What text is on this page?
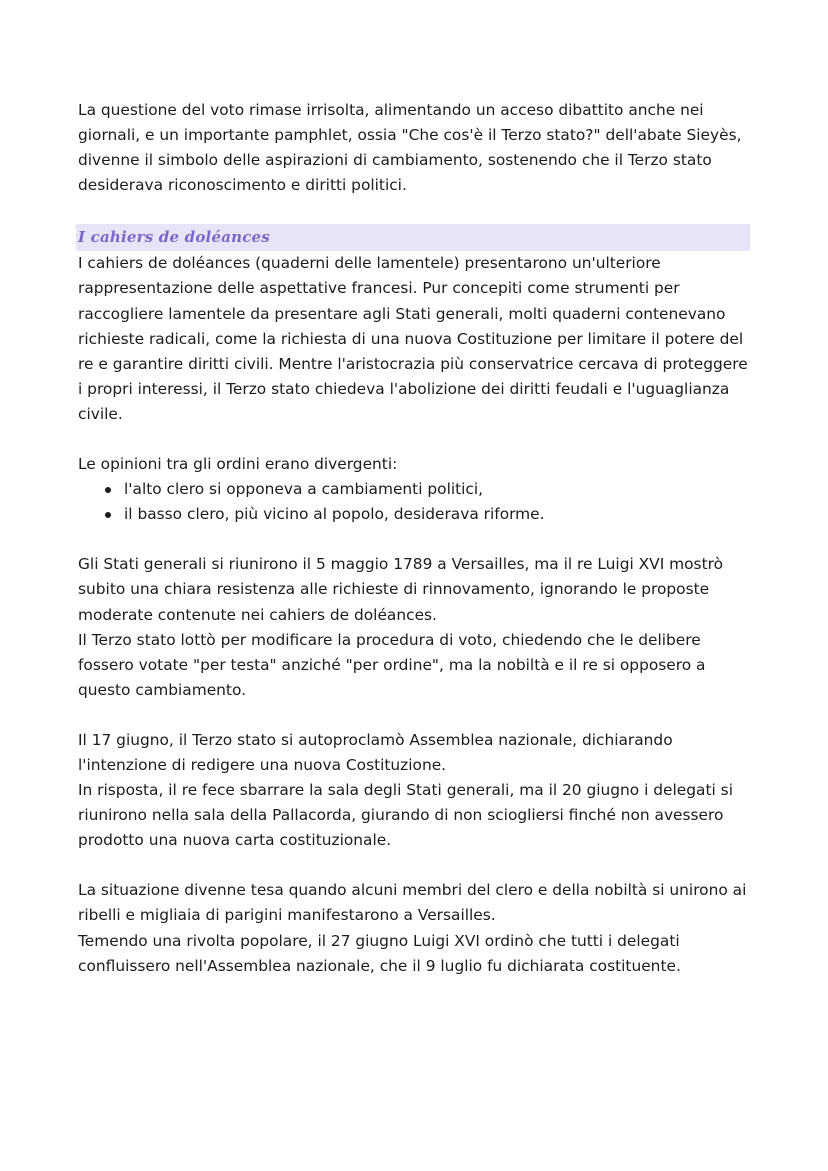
La questione del voto rimase irrisolta, alimentando un acceso dibattito anche nei giornali, e un importante pamphlet, ossia "Che cos'è il Terzo stato?" dell'abate Sieyès, divenne il simbolo delle aspirazioni di cambiamento, sostenendo che il Terzo stato desiderava riconoscimento e diritti politici.

I cahiers de doléances

I cahiers de doléances (quaderni delle lamentele) presentarono un'ulteriore rappresentazione delle aspettative francesi. Pur concepiti come strumenti per raccogliere lamentele da presentare agli Stati generali, molti quaderni contenevano richieste radicali, come la richiesta di una nuova Costituzione per limitare il potere del re e garantire diritti civili. Mentre l'aristocrazia più conservatrice cercava di proteggere i propri interessi, il Terzo stato chiedeva l'abolizione dei diritti feudali e l'uguaglianza civile.

Le opinioni tra gli ordini erano divergenti:

l'alto clero si opponeva a cambiamenti politici,
il basso clero, più vicino al popolo, desiderava riforme.

Gli Stati generali si riunirono il 5 maggio 1789 a Versailles, ma il re Luigi XVI mostrò subito una chiara resistenza alle richieste di rinnovamento, ignorando le proposte moderate contenute nei cahiers de doléances.

Il Terzo stato lottò per modificare la procedura di voto, chiedendo che le delibere fossero votate "per testa" anziché "per ordine", ma la nobiltà e il re si opposero a questo cambiamento.

Il 17 giugno, il Terzo stato si autoproclamò Assemblea nazionale, dichiarando l'intenzione di redigere una nuova Costituzione.

In risposta, il re fece sbarrare la sala degli Stati generali, ma il 20 giugno i delegati si riunirono nella sala della Pallacorda, giurando di non sciogliersi finché non avessero prodotto una nuova carta costituzionale.

La situazione divenne tesa quando alcuni membri del clero e della nobiltà si unirono ai ribelli e migliaia di parigini manifestarono a Versailles.

Temendo una rivolta popolare, il 27 giugno Luigi XVI ordinò che tutti i delegati confluissero nell'Assemblea nazionale, che il 9 luglio fu dichiarata costituente.
